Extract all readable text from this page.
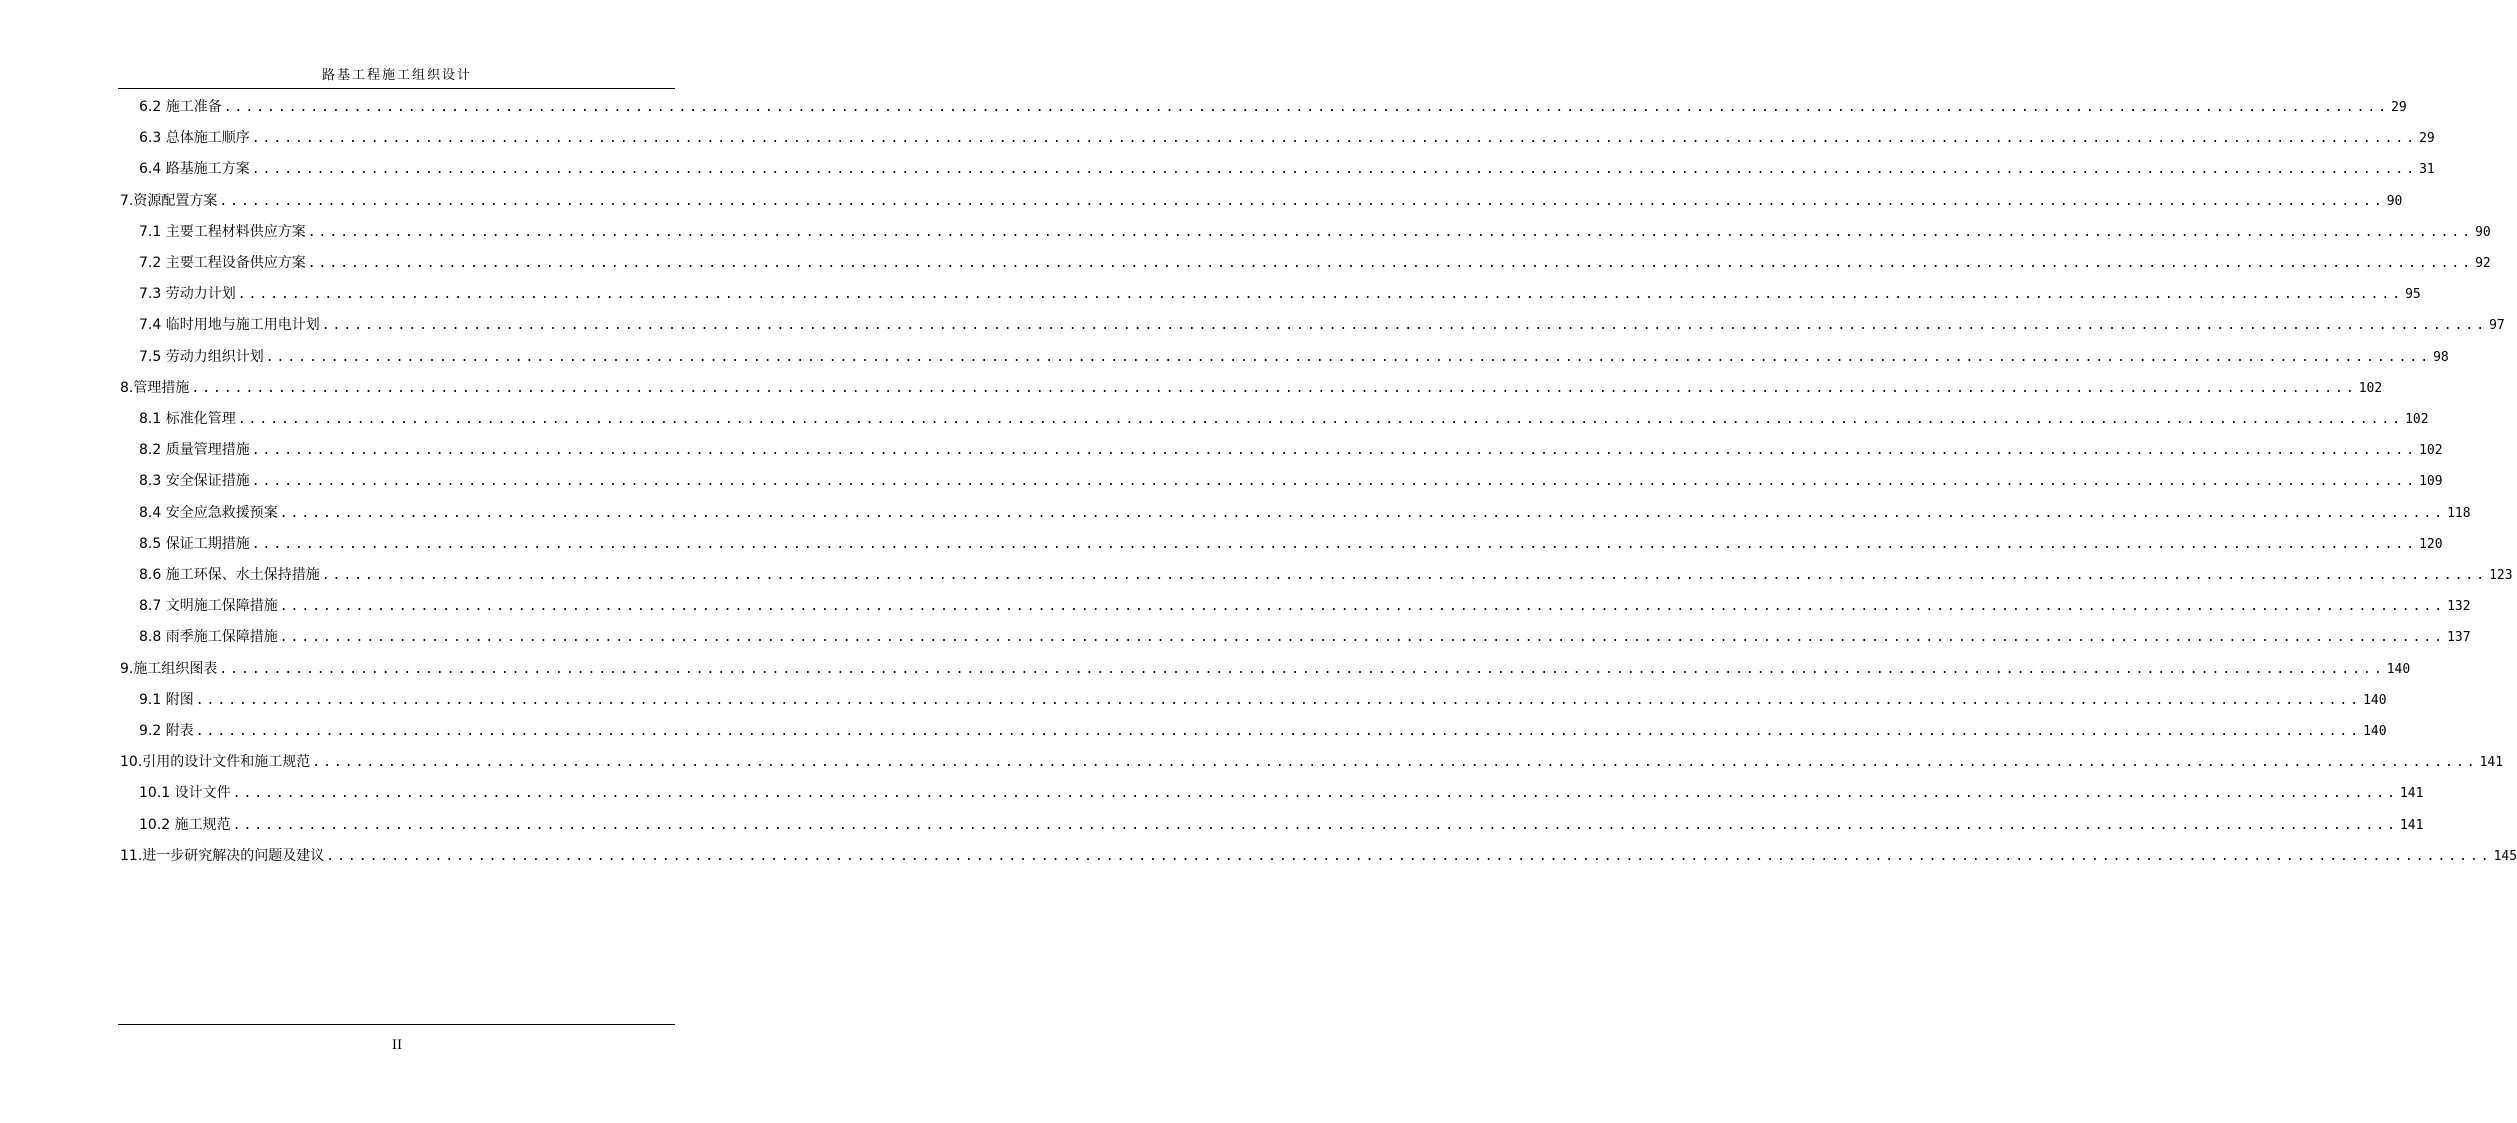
路基工程施工组织设计
6.2 施工准备 ........................................................................................................................................................................................................ 29
6.3 总体施工顺序 ........................................................................................................................................................................................................ 29
6.4 路基施工方案 ........................................................................................................................................................................................................ 31
7.资源配置方案 ........................................................................................................................................................................................................ 90
7.1 主要工程材料供应方案 ........................................................................................................................................................................................................ 90
7.2 主要工程设备供应方案 ........................................................................................................................................................................................................ 92
7.3 劳动力计划 ........................................................................................................................................................................................................ 95
7.4 临时用地与施工用电计划 ........................................................................................................................................................................................................ 97
7.5 劳动力组织计划 ........................................................................................................................................................................................................ 98
8.管理措施 ........................................................................................................................................................................................................ 102
8.1 标准化管理 ........................................................................................................................................................................................................ 102
8.2 质量管理措施 ........................................................................................................................................................................................................ 102
8.3 安全保证措施 ........................................................................................................................................................................................................ 109
8.4 安全应急救援预案 ........................................................................................................................................................................................................ 118
8.5 保证工期措施 ........................................................................................................................................................................................................ 120
8.6 施工环保、水土保持措施 ........................................................................................................................................................................................................ 123
8.7 文明施工保障措施 ........................................................................................................................................................................................................ 132
8.8 雨季施工保障措施 ........................................................................................................................................................................................................ 137
9.施工组织图表 ........................................................................................................................................................................................................ 140
9.1 附图 ........................................................................................................................................................................................................ 140
9.2 附表 ........................................................................................................................................................................................................ 140
10.引用的设计文件和施工规范 ........................................................................................................................................................................................................ 141
10.1 设计文件 ........................................................................................................................................................................................................ 141
10.2 施工规范 ........................................................................................................................................................................................................ 141
11.进一步研究解决的问题及建议 ........................................................................................................................................................................................................ 145
II
